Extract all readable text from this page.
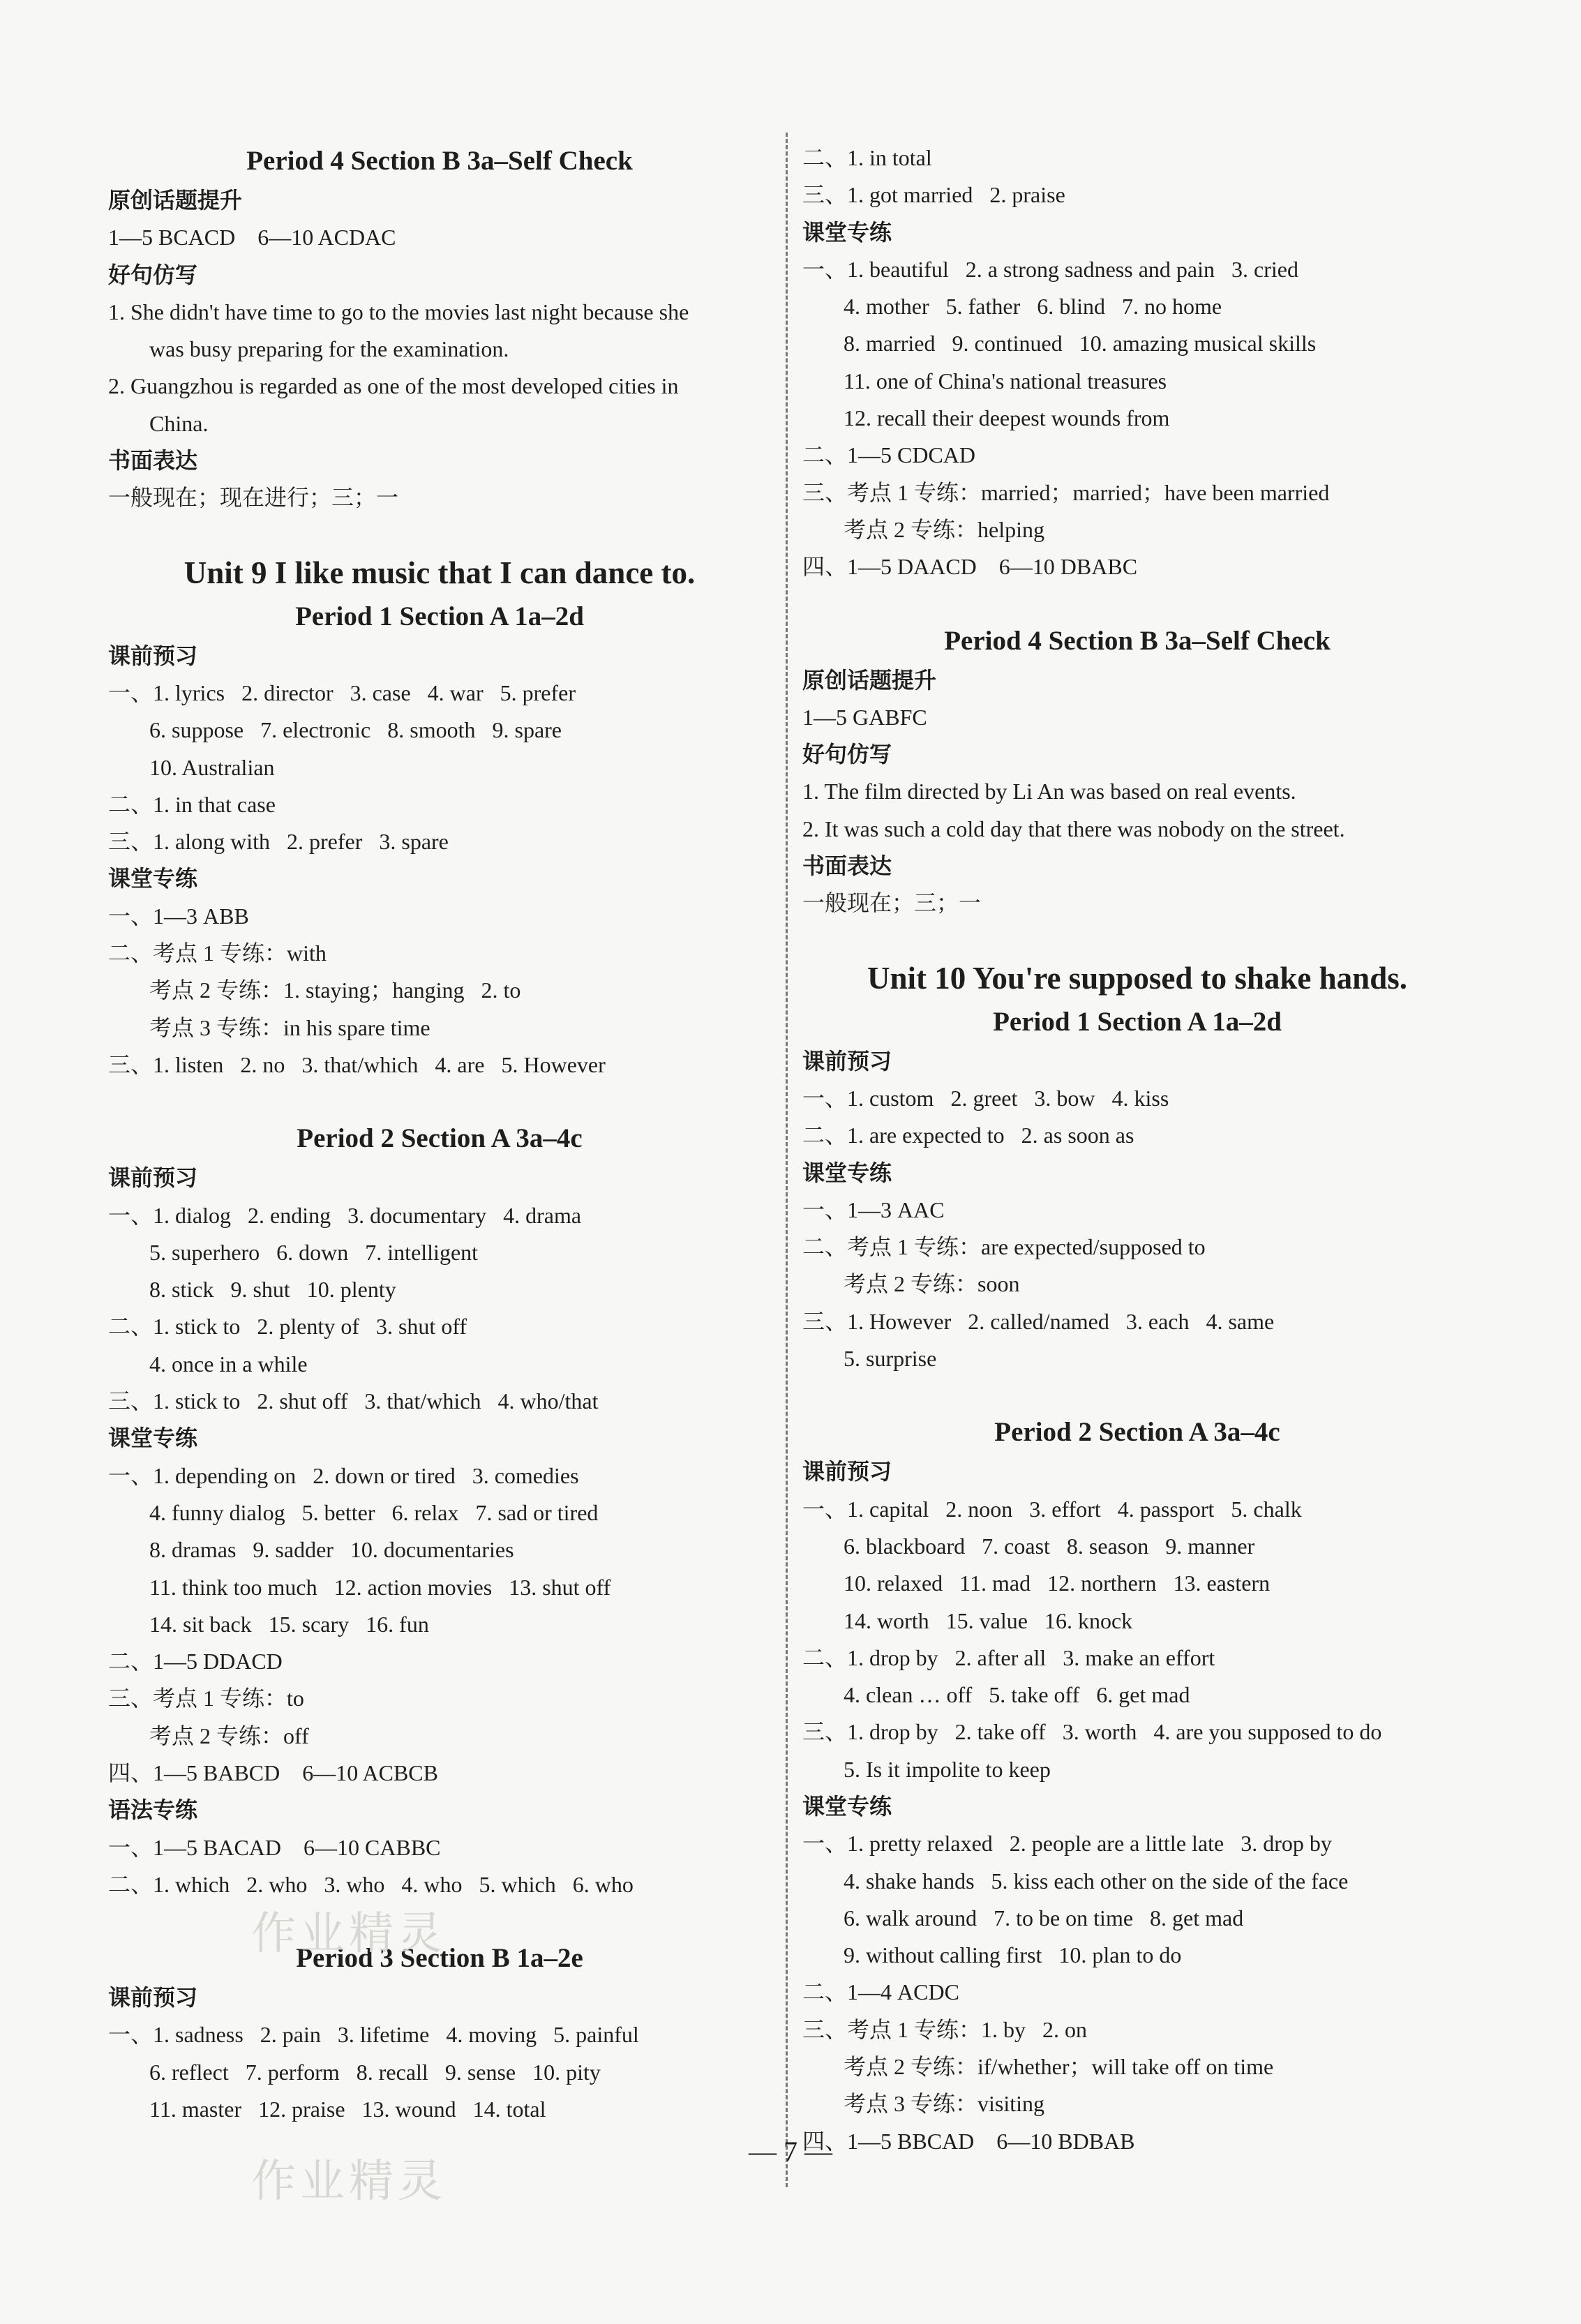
Period 4 Section B 3a–Self Check
原创话题提升
1—5 BCACD    6—10 ACDAC
好句仿写
1. She didn't have time to go to the movies last night because she
was busy preparing for the examination.
2. Guangzhou is regarded as one of the most developed cities in
China.
书面表达
一般现在；现在进行；三；一
Unit 9 I like music that I can dance to.
Period 1 Section A 1a–2d
课前预习
一、1. lyrics   2. director   3. case   4. war   5. prefer
6. suppose   7. electronic   8. smooth   9. spare
10. Australian
二、1. in that case
三、1. along with   2. prefer   3. spare
课堂专练
一、1—3 ABB
二、考点 1 专练：with
考点 2 专练：1. staying；hanging   2. to
考点 3 专练：in his spare time
三、1. listen   2. no   3. that/which   4. are   5. However
Period 2 Section A 3a–4c
课前预习
一、1. dialog   2. ending   3. documentary   4. drama
5. superhero   6. down   7. intelligent
8. stick   9. shut   10. plenty
二、1. stick to   2. plenty of   3. shut off
4. once in a while
三、1. stick to   2. shut off   3. that/which   4. who/that
课堂专练
一、1. depending on   2. down or tired   3. comedies
4. funny dialog   5. better   6. relax   7. sad or tired
8. dramas   9. sadder   10. documentaries
11. think too much   12. action movies   13. shut off
14. sit back   15. scary   16. fun
二、1—5 DDACD
三、考点 1 专练：to
考点 2 专练：off
四、1—5 BABCD    6—10 ACBCB
语法专练
一、1—5 BACAD    6—10 CABBC
二、1. which   2. who   3. who   4. who   5. which   6. who
Period 3 Section B 1a–2e
课前预习
一、1. sadness   2. pain   3. lifetime   4. moving   5. painful
6. reflect   7. perform   8. recall   9. sense   10. pity
11. master   12. praise   13. wound   14. total
二、1. in total
三、1. got married   2. praise
课堂专练
一、1. beautiful   2. a strong sadness and pain   3. cried
4. mother   5. father   6. blind   7. no home
8. married   9. continued   10. amazing musical skills
11. one of China's national treasures
12. recall their deepest wounds from
二、1—5 CDCAD
三、考点 1 专练：married；married；have been married
考点 2 专练：helping
四、1—5 DAACD    6—10 DBABC
Period 4 Section B 3a–Self Check
原创话题提升
1—5 GABFC
好句仿写
1. The film directed by Li An was based on real events.
2. It was such a cold day that there was nobody on the street.
书面表达
一般现在；三；一
Unit 10 You're supposed to shake hands.
Period 1 Section A 1a–2d
课前预习
一、1. custom   2. greet   3. bow   4. kiss
二、1. are expected to   2. as soon as
课堂专练
一、1—3 AAC
二、考点 1 专练：are expected/supposed to
考点 2 专练：soon
三、1. However   2. called/named   3. each   4. same
5. surprise
Period 2 Section A 3a–4c
课前预习
一、1. capital   2. noon   3. effort   4. passport   5. chalk
6. blackboard   7. coast   8. season   9. manner
10. relaxed   11. mad   12. northern   13. eastern
14. worth   15. value   16. knock
二、1. drop by   2. after all   3. make an effort
4. clean … off   5. take off   6. get mad
三、1. drop by   2. take off   3. worth   4. are you supposed to do
5. Is it impolite to keep
课堂专练
一、1. pretty relaxed   2. people are a little late   3. drop by
4. shake hands   5. kiss each other on the side of the face
6. walk around   7. to be on time   8. get mad
9. without calling first   10. plan to do
二、1—4 ACDC
三、考点 1 专练：1. by   2. on
考点 2 专练：if/whether；will take off on time
考点 3 专练：visiting
四、1—5 BBCAD    6—10 BDBAB
作业精灵
作业精灵
— 7 —
